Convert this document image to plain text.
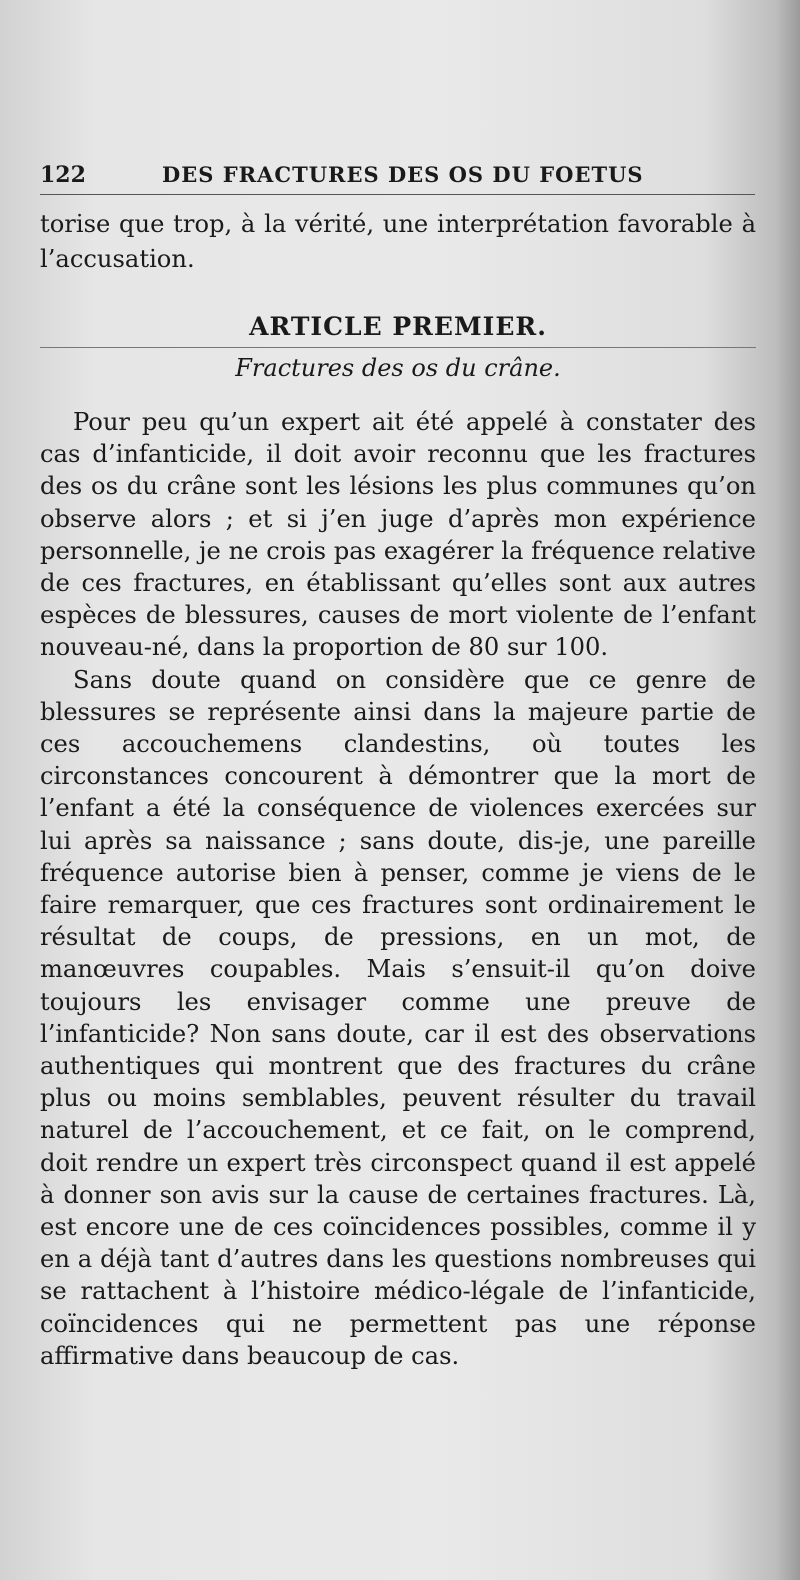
122	DES FRACTURES DES OS DU FOETUS

torise que trop, à la vérité, une interprétation favorable à l’accusation.

ARTICLE PREMIER.
Fractures des os du crâne.

Pour peu qu’un expert ait été appelé à constater des cas d’infanticide, il doit avoir reconnu que les fractures des os du crâne sont les lésions les plus communes qu’on observe alors ; et si j’en juge d’après mon expérience personnelle, je ne crois pas exagérer la fréquence relative de ces fractures, en établissant qu’elles sont aux autres espèces de blessures, causes de mort violente de l’enfant nouveau-né, dans la proportion de 80 sur 100.

Sans doute quand on considère que ce genre de blessures se représente ainsi dans la majeure partie de ces accouchemens clandestins, où toutes les circonstances concourent à démontrer que la mort de l’enfant a été la conséquence de violences exercées sur lui après sa naissance ; sans doute, dis-je, une pareille fréquence autorise bien à penser, comme je viens de le faire remarquer, que ces fractures sont ordinairement le résultat de coups, de pressions, en un mot, de manœuvres coupables. Mais s’ensuit-il qu’on doive toujours les envisager comme une preuve de l’infanticide? Non sans doute, car il est des observations authentiques qui montrent que des fractures du crâne plus ou moins semblables, peuvent résulter du travail naturel de l’accouchement, et ce fait, on le comprend, doit rendre un expert très circonspect quand il est appelé à donner son avis sur la cause de certaines fractures. Là, est encore une de ces coïncidences possibles, comme il y en a déjà tant d’autres dans les questions nombreuses qui se rattachent à l’histoire médico-légale de l’infanticide, coïncidences qui ne permettent pas une réponse affirmative dans beaucoup de cas.
